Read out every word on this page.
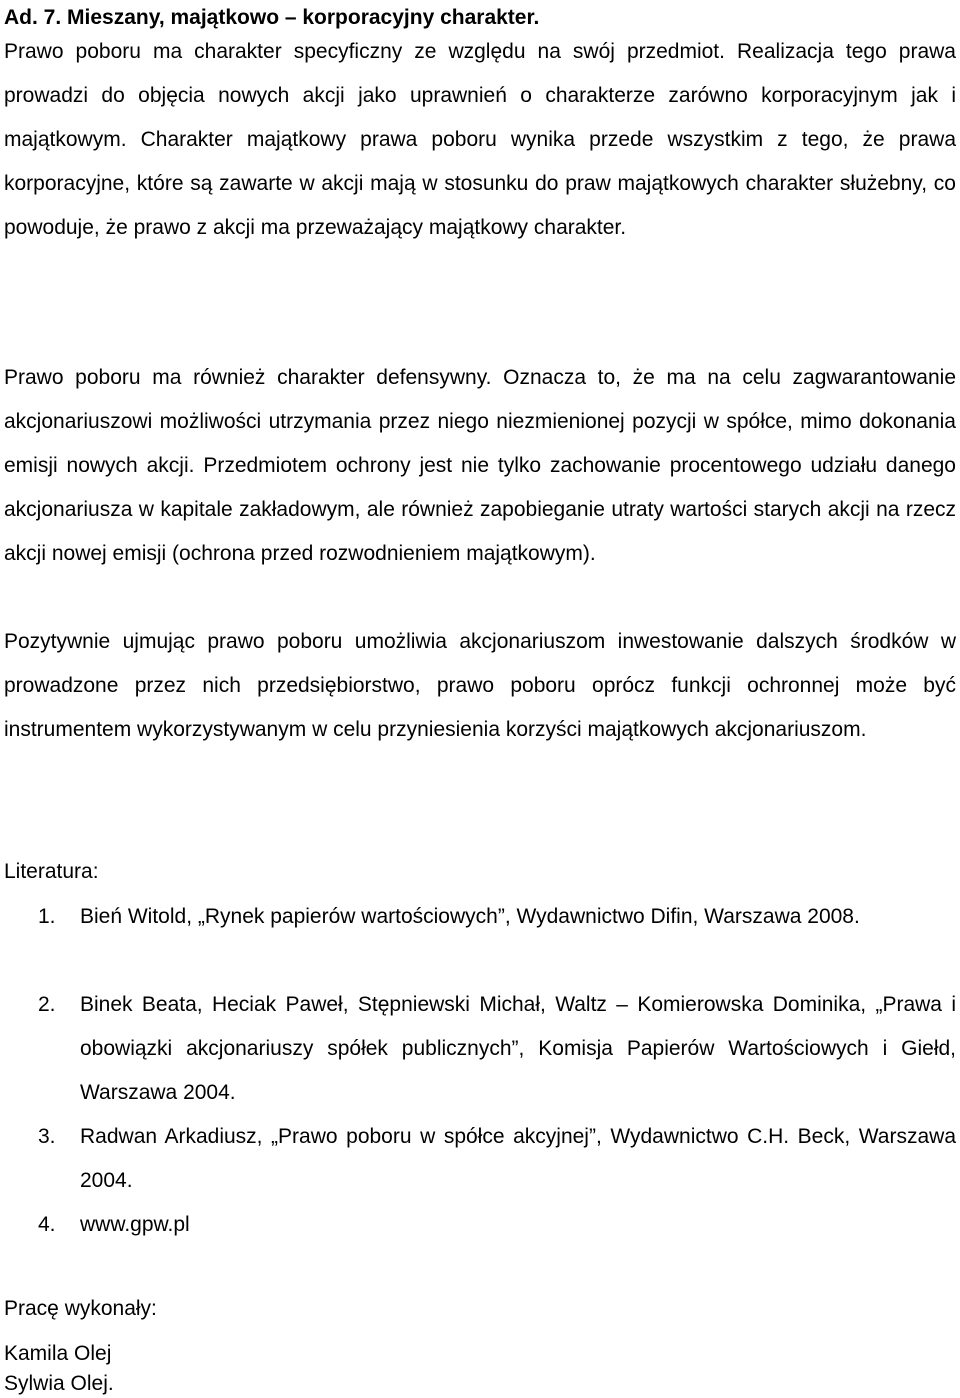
Ad. 7. Mieszany, majątkowo – korporacyjny charakter.

Prawo poboru ma charakter specyficzny ze względu na swój przedmiot. Realizacja tego prawa prowadzi do objęcia nowych akcji jako uprawnień o charakterze zarówno korporacyjnym jak i majątkowym. Charakter majątkowy prawa poboru wynika przede wszystkim z tego, że prawa korporacyjne, które są zawarte w akcji mają w stosunku do praw majątkowych charakter służebny, co powoduje, że prawo z akcji ma przeważający majątkowy charakter.

Prawo poboru ma również charakter defensywny. Oznacza to, że ma na celu zagwarantowanie akcjonariuszowi możliwości utrzymania przez niego niezmienionej pozycji w spółce, mimo dokonania emisji nowych akcji. Przedmiotem ochrony jest nie tylko zachowanie procentowego udziału danego akcjonariusza w kapitale zakładowym, ale również zapobieganie utraty wartości starych akcji na rzecz akcji nowej emisji (ochrona przed rozwodnieniem majątkowym).

Pozytywnie ujmując prawo poboru umożliwia akcjonariuszom inwestowanie dalszych środków w prowadzone przez nich przedsiębiorstwo, prawo poboru oprócz funkcji ochronnej może być instrumentem wykorzystywanym w celu przyniesienia korzyści majątkowych akcjonariuszom.

Literatura:
1.	Bień Witold, „Rynek papierów wartościowych”, Wydawnictwo Difin, Warszawa 2008.
2.	Binek Beata, Heciak Paweł, Stępniewski Michał, Waltz – Komierowska Dominika, „Prawa i obowiązki akcjonariuszy spółek publicznych”, Komisja Papierów Wartościowych i Giełd, Warszawa 2004.
3.	Radwan Arkadiusz, „Prawo poboru w spółce akcyjnej”, Wydawnictwo C.H. Beck, Warszawa 2004.
4.	www.gpw.pl
Pracę wykonały:
Kamila Olej
Sylwia Olej.
